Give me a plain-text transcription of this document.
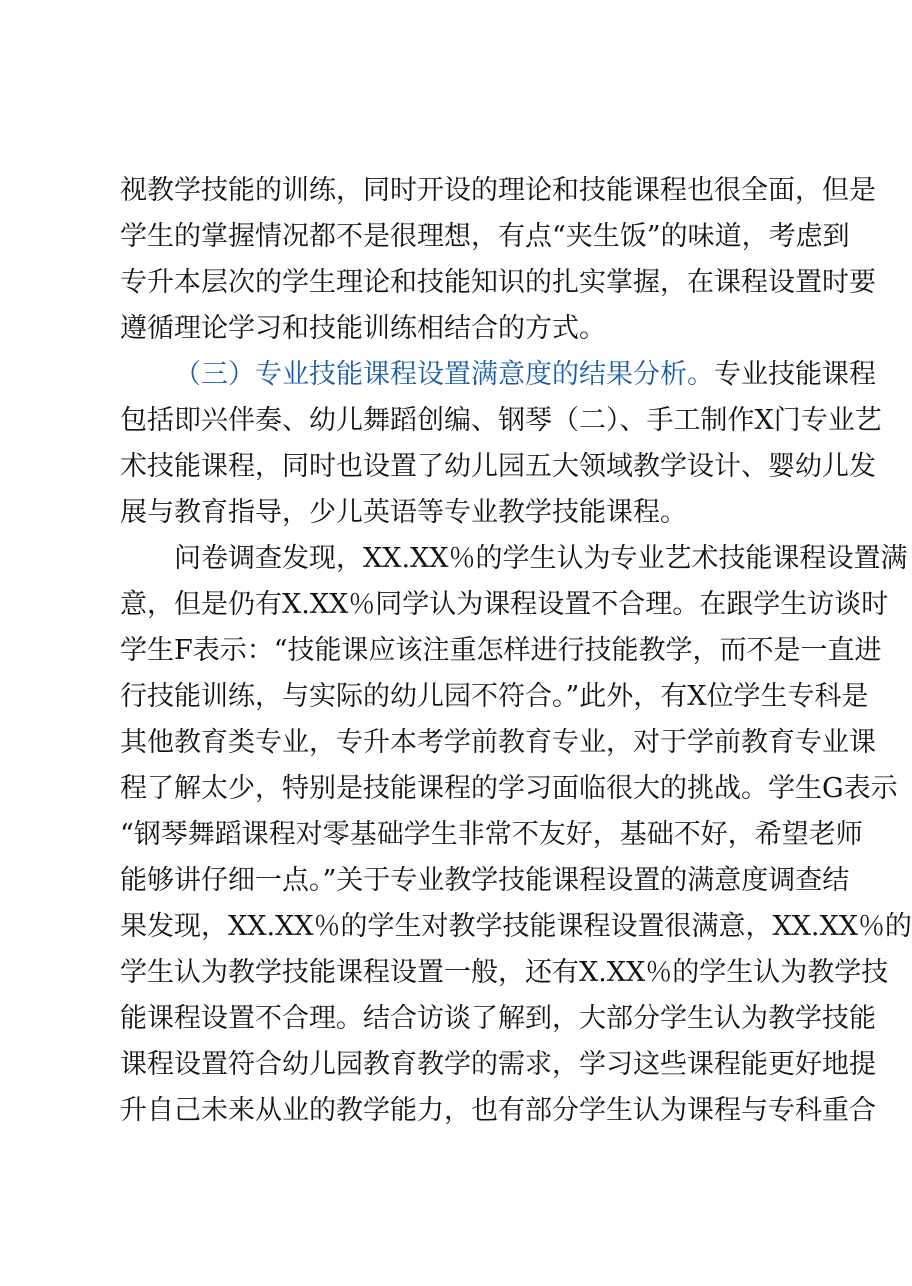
视教学技能的训练，同时开设的理论和技能课程也很全面，但是
学生的掌握情况都不是很理想，有点“夹生饭”的味道，考虑到
专升本层次的学生理论和技能知识的扎实掌握，在课程设置时要
遵循理论学习和技能训练相结合的方式。
（三）专业技能课程设置满意度的结果分析。专业技能课程
包括即兴伴奏、幼儿舞蹈创编、钢琴（二）、手工制作X门专业艺
术技能课程，同时也设置了幼儿园五大领域教学设计、婴幼儿发
展与教育指导，少儿英语等专业教学技能课程。
问卷调查发现，XX.XX％的学生认为专业艺术技能课程设置满
意，但是仍有X.XX％同学认为课程设置不合理。在跟学生访谈时
学生F表示：“技能课应该注重怎样进行技能教学，而不是一直进
行技能训练，与实际的幼儿园不符合。”此外，有X位学生专科是
其他教育类专业，专升本考学前教育专业，对于学前教育专业课
程了解太少，特别是技能课程的学习面临很大的挑战。学生G表示
“钢琴舞蹈课程对零基础学生非常不友好，基础不好，希望老师
能够讲仔细一点。”关于专业教学技能课程设置的满意度调查结
果发现，XX.XX％的学生对教学技能课程设置很满意，XX.XX％的
学生认为教学技能课程设置一般，还有X.XX％的学生认为教学技
能课程设置不合理。结合访谈了解到，大部分学生认为教学技能
课程设置符合幼儿园教育教学的需求，学习这些课程能更好地提
升自己未来从业的教学能力，也有部分学生认为课程与专科重合
